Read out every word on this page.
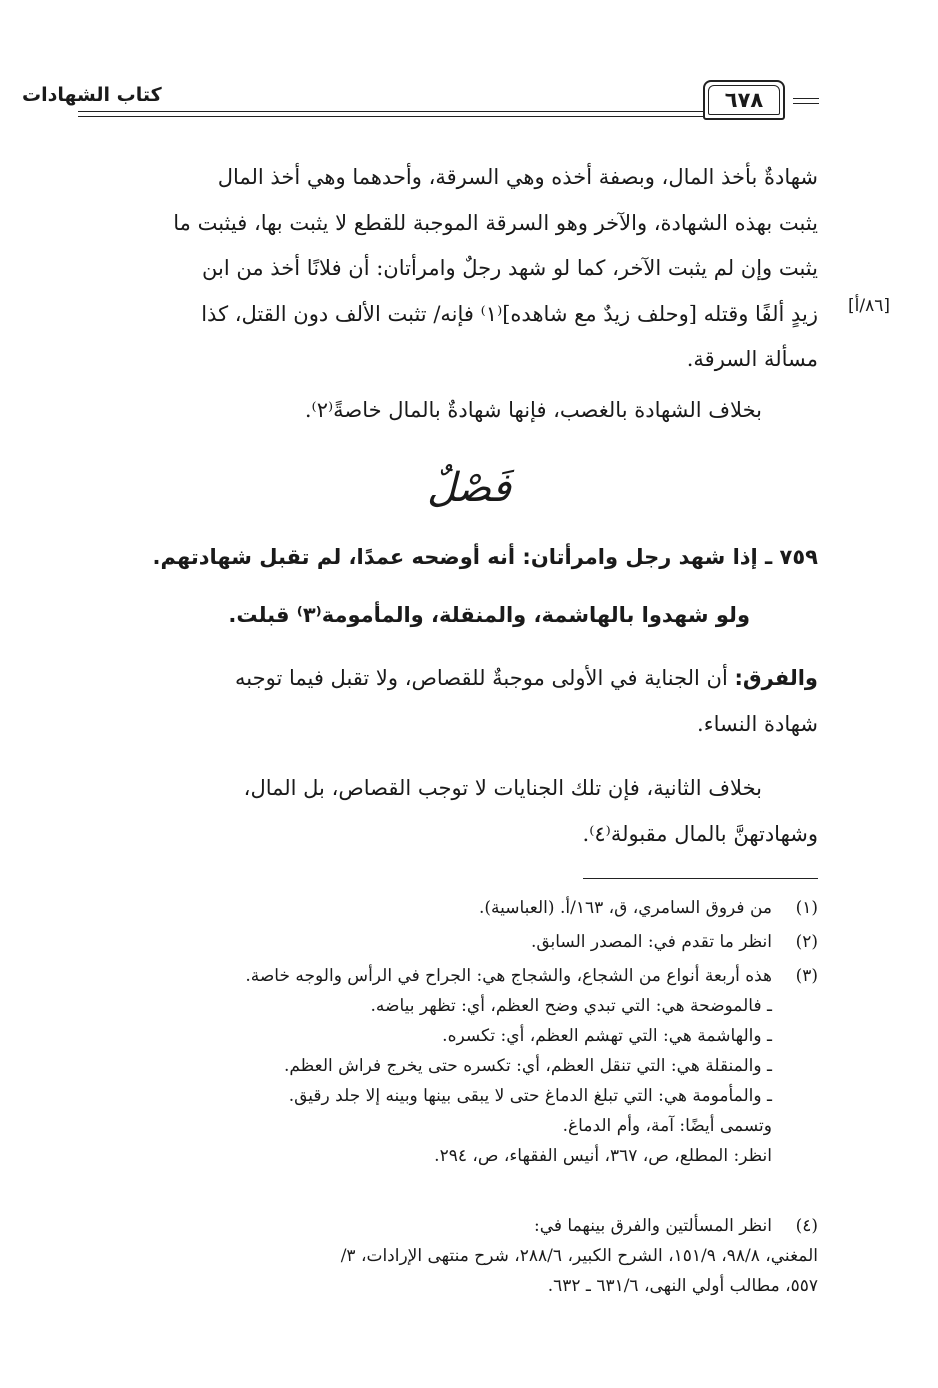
كتاب الشهادات	٦٧٨
شهادةٌ بأخذ المال، وبصفة أخذه وهي السرقة، وأحدهما وهي أخذ المال
يثبت بهذه الشهادة، والآخر وهو السرقة الموجبة للقطع لا يثبت بها، فيثبت ما
يثبت وإن لم يثبت الآخر، كما لو شهد رجلٌ وامرأتان: أن فلانًا أخذ من ابن
زيدٍ ألفًا وقتله [وحلف زيدٌ مع شاهده]⁽١⁾ فإنه/ تثبت الألف دون القتل، كذا
مسألة السرقة.
[٨٦/أ]
بخلاف الشهادة بالغصب، فإنها شهادةٌ بالمال خاصةً⁽٢⁾.
فَصْلٌ
٧٥٩ ـ إذا شهد رجل وامرأتان: أنه أوضحه عمدًا، لم تقبل شهادتهم.
ولو شهدوا بالهاشمة، والمنقلة، والمأمومة⁽٣⁾ قبلت.
والفرق: أن الجناية في الأولى موجبةٌ للقصاص، ولا تقبل فيما توجبه
شهادة النساء.
بخلاف الثانية، فإن تلك الجنايات لا توجب القصاص، بل المال،
وشهادتهنَّ بالمال مقبولة⁽٤⁾.
(١)
من فروق السامري، ق، ١٦٣/أ. (العباسية).
(٢)
انظر ما تقدم في: المصدر السابق.
(٣)
هذه أربعة أنواع من الشجاع، والشجاج هي: الجراح في الرأس والوجه خاصة.
ـ فالموضحة هي: التي تبدي وضح العظم، أي: تظهر بياضه.
ـ والهاشمة هي: التي تهشم العظم، أي: تكسره.
ـ والمنقلة هي: التي تنقل العظم، أي: تكسره حتى يخرج فراش العظم.
ـ والمأمومة هي: التي تبلغ الدماغ حتى لا يبقى بينها وبينه إلا جلد رقيق.
وتسمى أيضًا: آمة، وأم الدماغ.
انظر: المطلع، ص، ٣٦٧، أنيس الفقهاء، ص، ٢٩٤.
(٤)
انظر المسألتين والفرق بينهما في:
المغني، ٩٨/٨، ١٥١/٩، الشرح الكبير، ٢٨٨/٦، شرح منتهى الإرادات، ٣/
٥٥٧، مطالب أولي النهى، ٦٣١/٦ ـ ٦٣٢.
